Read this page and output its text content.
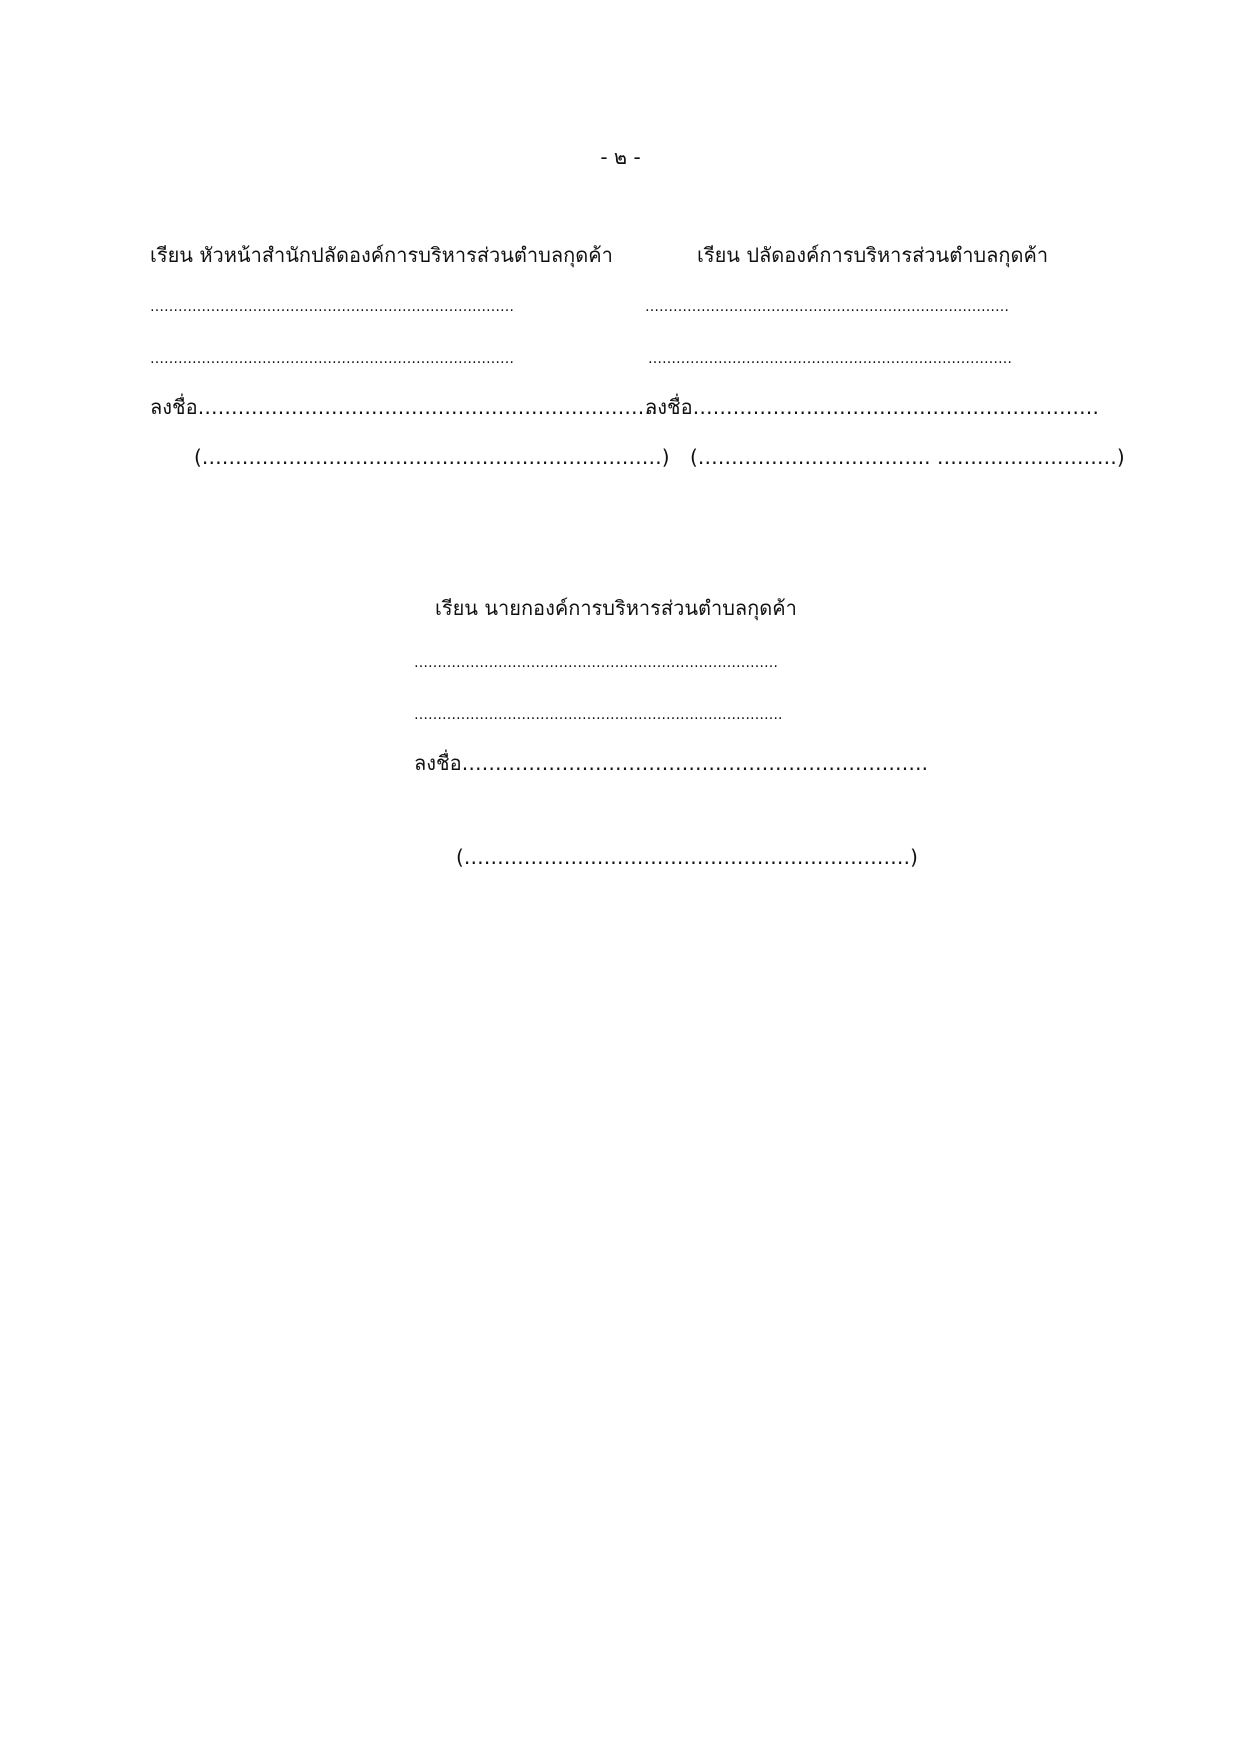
- ๒ -
เรียน หัวหน้าสำนักปลัดองค์การบริหารส่วนตำบลกุดค้า
……………………………………………………………………
……………………………………………………………………
ลงชื่อ……………………………………………………………
(……………………………………………………………)
เรียน ปลัดองค์การบริหารส่วนตำบลกุดค้า
……………………………………………………………………
……………………………………………………………………
ลงชื่อ……………….……………………………………
(…………………………….. ………………………)
เรียน นายกองค์การบริหารส่วนตำบลกุดค้า
……………………………………………………………………
…………………………………………………………………….
ลงชื่อ…………………………………………………………….
(……………….…………………………………………)
